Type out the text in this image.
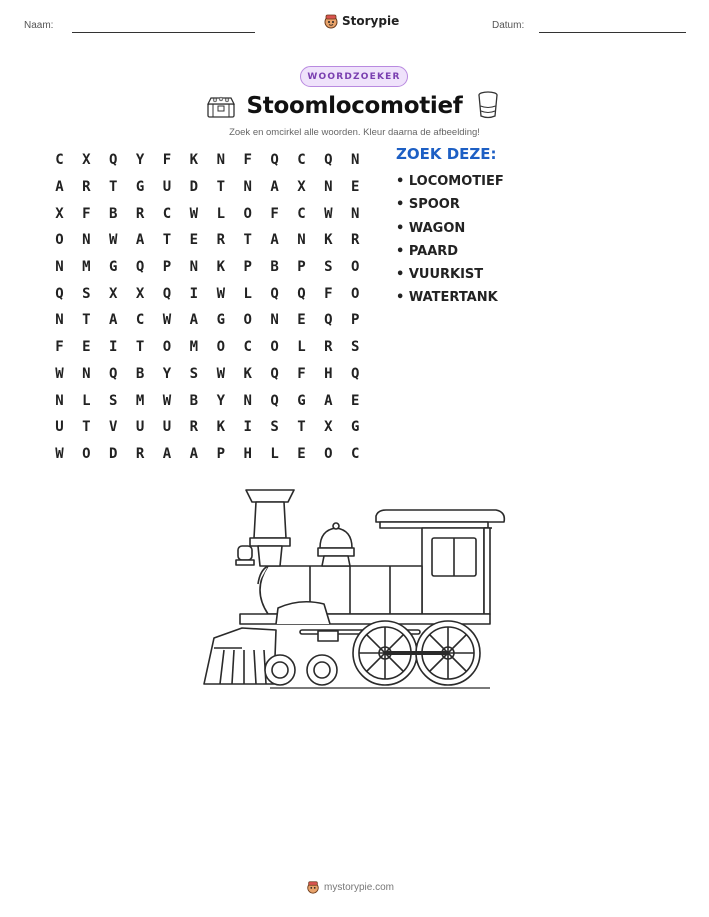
Naam:	Storypie	Datum:
WOORDZOEKER
Stoomlocomotief
Zoek en omcirkel alle woorden. Kleur daarna de afbeelding!
C	X	Q	Y	F	K	N	F	Q	C	Q	N
A	R	T	G	U	D	T	N	A	X	N	E
X	F	B	R	C	W	L	O	F	C	W	N
O	N	W	A	T	E	R	T	A	N	K	R
N	M	G	Q	P	N	K	P	B	P	S	O
Q	S	X	X	Q	I	W	L	Q	Q	F	O
N	T	A	C	W	A	G	O	N	E	Q	P
F	E	I	T	O	M	O	C	O	L	R	S
W	N	Q	B	Y	S	W	K	Q	F	H	Q
N	L	S	M	W	B	Y	N	Q	G	A	E
U	T	V	U	U	R	K	I	S	T	X	G
W	O	D	R	A	A	P	H	L	E	O	C
ZOEK DEZE:
• LOCOMOTIEF
• SPOOR
• WAGON
• PAARD
• VUURKIST
• WATERTANK
mystorypie.com
